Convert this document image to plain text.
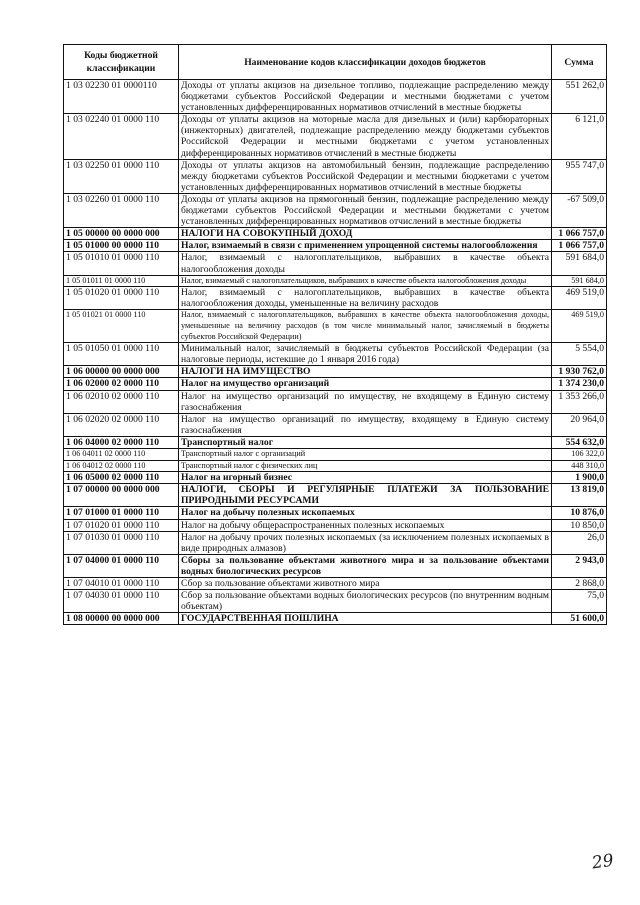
Коды бюджетной классификации	Наименование кодов классификации доходов бюджетов	Сумма
1 03 02230 01 0000110	Доходы от уплаты акцизов на дизельное топливо, подлежащие распределению между бюджетами субъектов Российской Федерации и местными бюджетами с учетом установленных дифференцированных нормативов отчислений в местные бюджеты	551 262,0
1 03 02240 01 0000 110	Доходы от уплаты акцизов на моторные масла для дизельных и (или) карбюраторных (инжекторных) двигателей, подлежащие распределению между бюджетами субъектов Российской Федерации и местными бюджетами с учетом установленных дифференцированных нормативов отчислений в местные бюджеты	6 121,0
1 03 02250 01 0000 110	Доходы от уплаты акцизов на автомобильный бензин, подлежащие распределению между бюджетами субъектов Российской Федерации и местными бюджетами с учетом установленных дифференцированных нормативов отчислений в местные бюджеты	955 747,0
1 03 02260 01 0000 110	Доходы от уплаты акцизов на прямогонный бензин, подлежащие распределению между бюджетами субъектов Российской Федерации и местными бюджетами с учетом установленных дифференцированных нормативов отчислений в местные бюджеты	-67 509,0
1 05 00000 00 0000 000	НАЛОГИ НА СОВОКУПНЫЙ ДОХОД	1 066 757,0
1 05 01000 00 0000 110	Налог, взимаемый в связи с применением упрощенной системы налогообложения	1 066 757,0
1 05 01010 01 0000 110	Налог, взимаемый с налогоплательщиков, выбравших в качестве объекта налогообложения доходы	591 684,0
1 05 01011 01 0000 110	Налог, взимаемый с налогоплательщиков, выбравших в качестве объекта налогообложения доходы	591 684,0
1 05 01020 01 0000 110	Налог, взимаемый с налогоплательщиков, выбравших в качестве объекта налогообложения доходы, уменьшенные на величину расходов	469 519,0
1 05 01021 01 0000 110	Налог, взимаемый с налогоплательщиков, выбравших в качестве объекта налогообложения доходы, уменьшенные на величину расходов (в том числе минимальный налог, зачисляемый в бюджеты субъектов Российской Федерации)	469 519,0
1 05 01050 01 0000 110	Минимальный налог, зачисляемый в бюджеты субъектов Российской Федерации (за налоговые периоды, истекшие до 1 января 2016 года)	5 554,0
1 06 00000 00 0000 000	НАЛОГИ НА ИМУЩЕСТВО	1 930 762,0
1 06 02000 02 0000 110	Налог на имущество организаций	1 374 230,0
1 06 02010 02 0000 110	Налог на имущество организаций по имуществу, не входящему в Единую систему газоснабжения	1 353 266,0
1 06 02020 02 0000 110	Налог на имущество организаций по имуществу, входящему в Единую систему газоснабжения	20 964,0
1 06 04000 02 0000 110	Транспортный налог	554 632,0
1 06 04011 02 0000 110	Транспортный налог с организаций	106 322,0
1 06 04012 02 0000 110	Транспортный налог с физических лиц	448 310,0
1 06 05000 02 0000 110	Налог на игорный бизнес	1 900,0
1 07 00000 00 0000 000	НАЛОГИ, СБОРЫ И РЕГУЛЯРНЫЕ ПЛАТЕЖИ ЗА ПОЛЬЗОВАНИЕ ПРИРОДНЫМИ РЕСУРСАМИ	13 819,0
1 07 01000 01 0000 110	Налог на добычу полезных ископаемых	10 876,0
1 07 01020 01 0000 110	Налог на добычу общераспространенных полезных ископаемых	10 850,0
1 07 01030 01 0000 110	Налог на добычу прочих полезных ископаемых (за исключением полезных ископаемых в виде природных алмазов)	26,0
1 07 04000 01 0000 110	Сборы за пользование объектами животного мира и за пользование объектами водных биологических ресурсов	2 943,0
1 07 04010 01 0000 110	Сбор за пользование объектами животного мира	2 868,0
1 07 04030 01 0000 110	Сбор за пользование объектами водных биологических ресурсов (по внутренним водным объектам)	75,0
1 08 00000 00 0000 000	ГОСУДАРСТВЕННАЯ ПОШЛИНА	51 600,0
29
